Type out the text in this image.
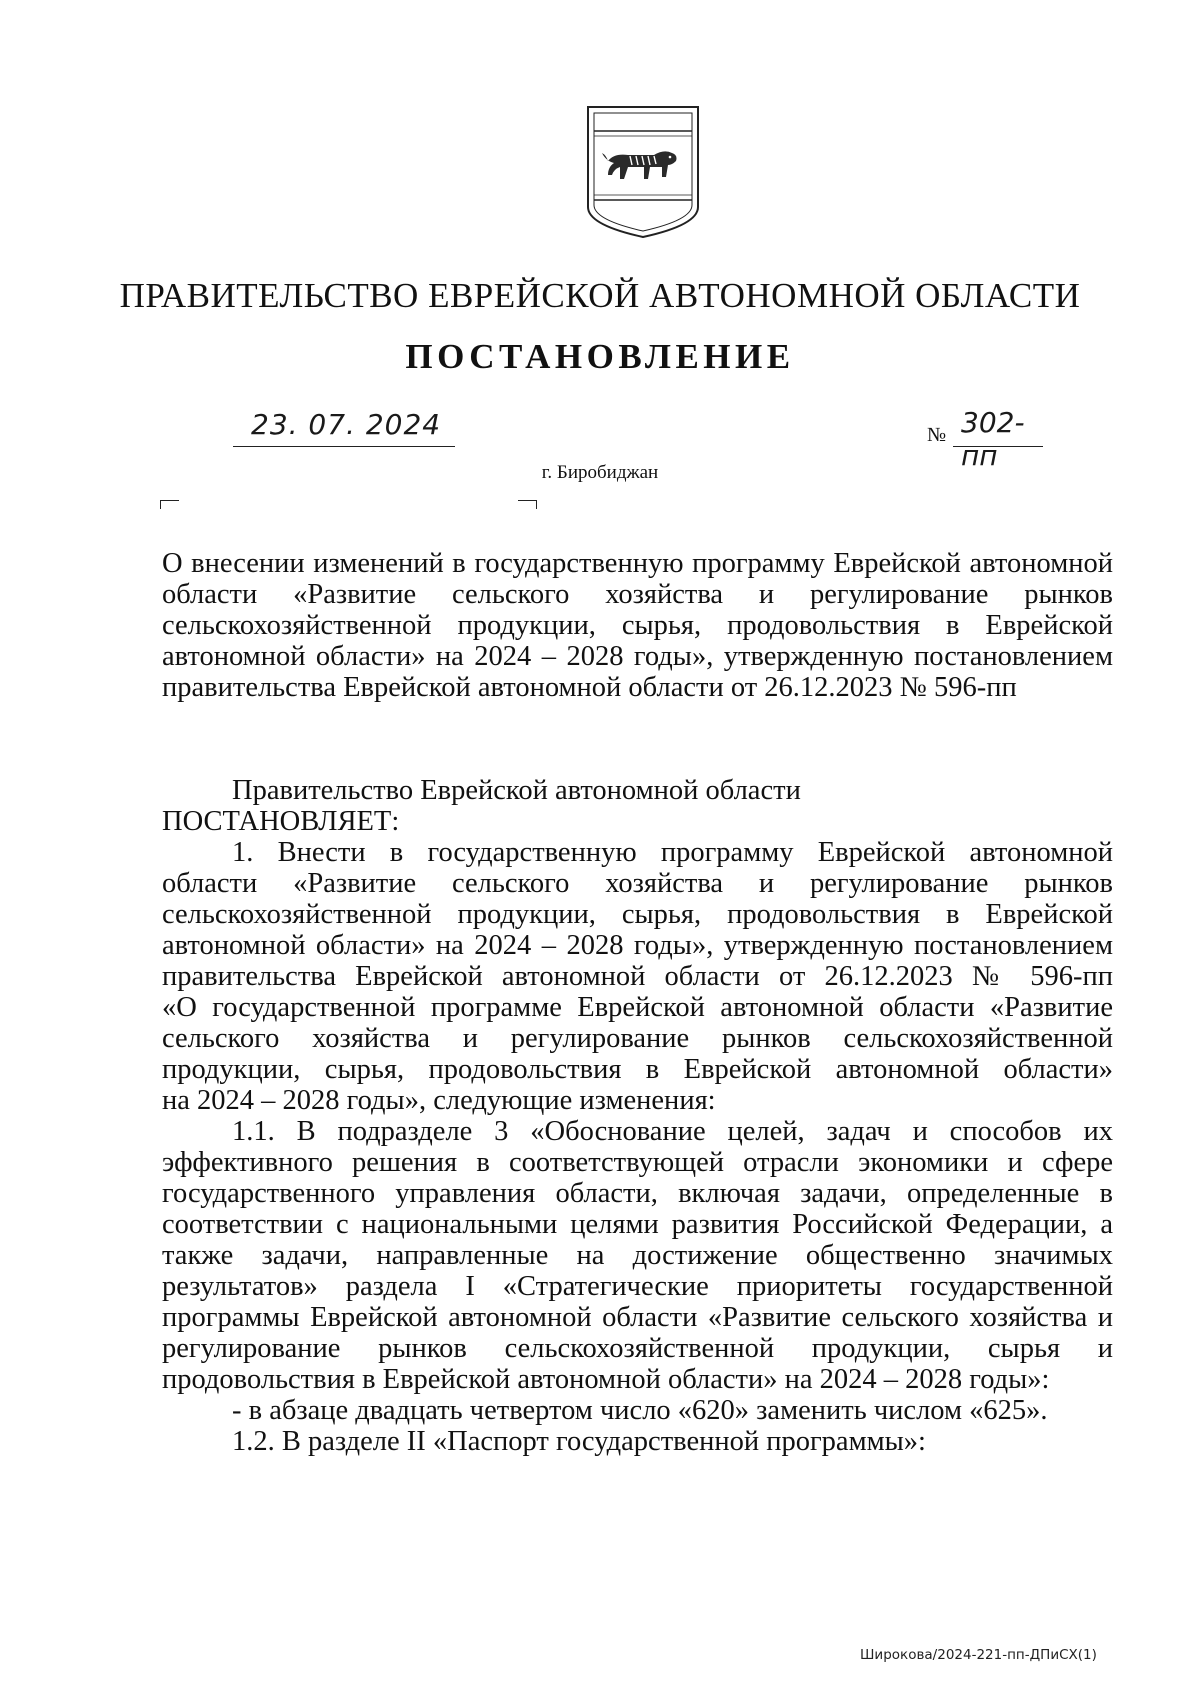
ПРАВИТЕЛЬСТВО ЕВРЕЙСКОЙ АВТОНОМНОЙ ОБЛАСТИ
ПОСТАНОВЛЕНИЕ
23. 07. 2024	№ 302-пп
г. Биробиджан

О внесении изменений в государственную программу Еврейской автономной

области «Развитие сельского хозяйства и регулирование рынков

сельскохозяйственной продукции, сырья, продовольствия в Еврейской

автономной области» на 2024 – 2028 годы», утвержденную постановлением

правительства Еврейской автономной области от 26.12.2023 № 596-пп

Правительство Еврейской автономной области

ПОСТАНОВЛЯЕТ:

1. Внести в государственную программу Еврейской автономной

области «Развитие сельского хозяйства и регулирование рынков

сельскохозяйственной продукции, сырья, продовольствия в Еврейской

автономной области» на 2024 – 2028 годы», утвержденную постановлением

правительства Еврейской автономной области от 26.12.2023 № 596-пп

«О государственной программе Еврейской автономной области «Развитие

сельского хозяйства и регулирование рынков сельскохозяйственной

продукции, сырья, продовольствия в Еврейской автономной области»

на 2024 – 2028 годы», следующие изменения:

1.1. В подразделе 3 «Обоснование целей, задач и способов их

эффективного решения в соответствующей отрасли экономики и сфере

государственного управления области, включая задачи, определенные в

соответствии с национальными целями развития Российской Федерации, а

также задачи, направленные на достижение общественно значимых

результатов» раздела I «Стратегические приоритеты государственной

программы Еврейской автономной области «Развитие сельского хозяйства и

регулирование рынков сельскохозяйственной продукции, сырья и

продовольствия в Еврейской автономной области» на 2024 – 2028 годы»:

- в абзаце двадцать четвертом число «620» заменить числом «625».

1.2. В разделе II «Паспорт государственной программы»:

Широкова/2024-221-пп-ДПиСХ(1)
